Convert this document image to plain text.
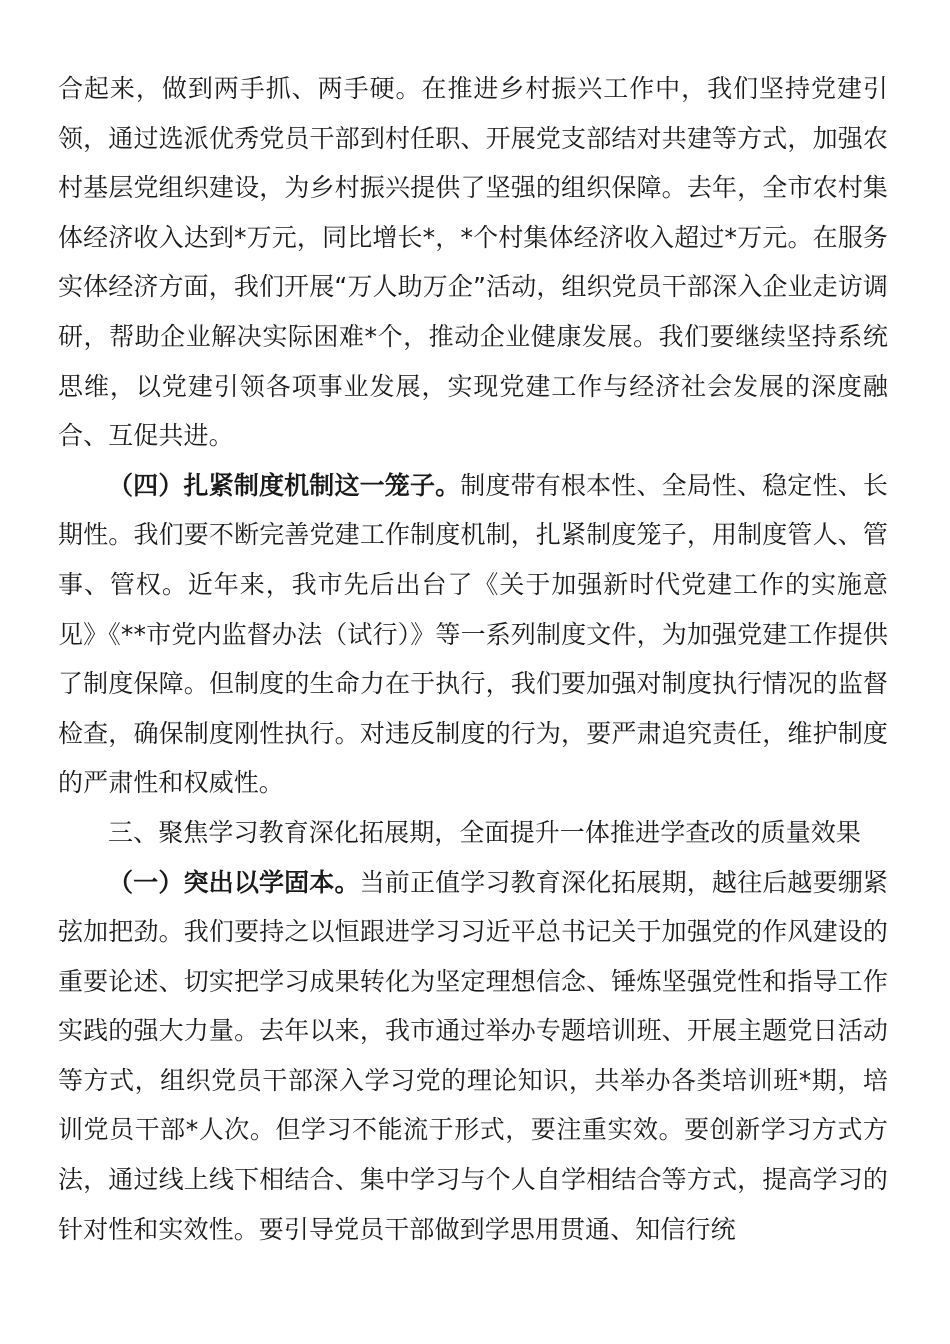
合起来，做到两手抓、两手硬。在推进乡村振兴工作中，我们坚持党建引领，通过选派优秀党员干部到村任职、开展党支部结对共建等方式，加强农村基层党组织建设，为乡村振兴提供了坚强的组织保障。去年，全市农村集体经济收入达到*万元，同比增长*，*个村集体经济收入超过*万元。在服务实体经济方面，我们开展“万人助万企”活动，组织党员干部深入企业走访调研，帮助企业解决实际困难*个，推动企业健康发展。我们要继续坚持系统思维，以党建引领各项事业发展，实现党建工作与经济社会发展的深度融合、互促共进。

（四）扎紧制度机制这一笼子。制度带有根本性、全局性、稳定性、长期性。我们要不断完善党建工作制度机制，扎紧制度笼子，用制度管人、管事、管权。近年来，我市先后出台了《关于加强新时代党建工作的实施意见》《**市党内监督办法（试行）》等一系列制度文件，为加强党建工作提供了制度保障。但制度的生命力在于执行，我们要加强对制度执行情况的监督检查，确保制度刚性执行。对违反制度的行为，要严肃追究责任，维护制度的严肃性和权威性。

三、聚焦学习教育深化拓展期，全面提升一体推进学查改的质量效果

（一）突出以学固本。当前正值学习教育深化拓展期，越往后越要绷紧弦加把劲。我们要持之以恒跟进学习习近平总书记关于加强党的作风建设的重要论述、切实把学习成果转化为坚定理想信念、锤炼坚强党性和指导工作实践的强大力量。去年以来，我市通过举办专题培训班、开展主题党日活动等方式，组织党员干部深入学习党的理论知识，共举办各类培训班*期，培训党员干部*人次。但学习不能流于形式，要注重实效。要创新学习方式方法，通过线上线下相结合、集中学习与个人自学相结合等方式，提高学习的针对性和实效性。要引导党员干部做到学思用贯通、知信行统
